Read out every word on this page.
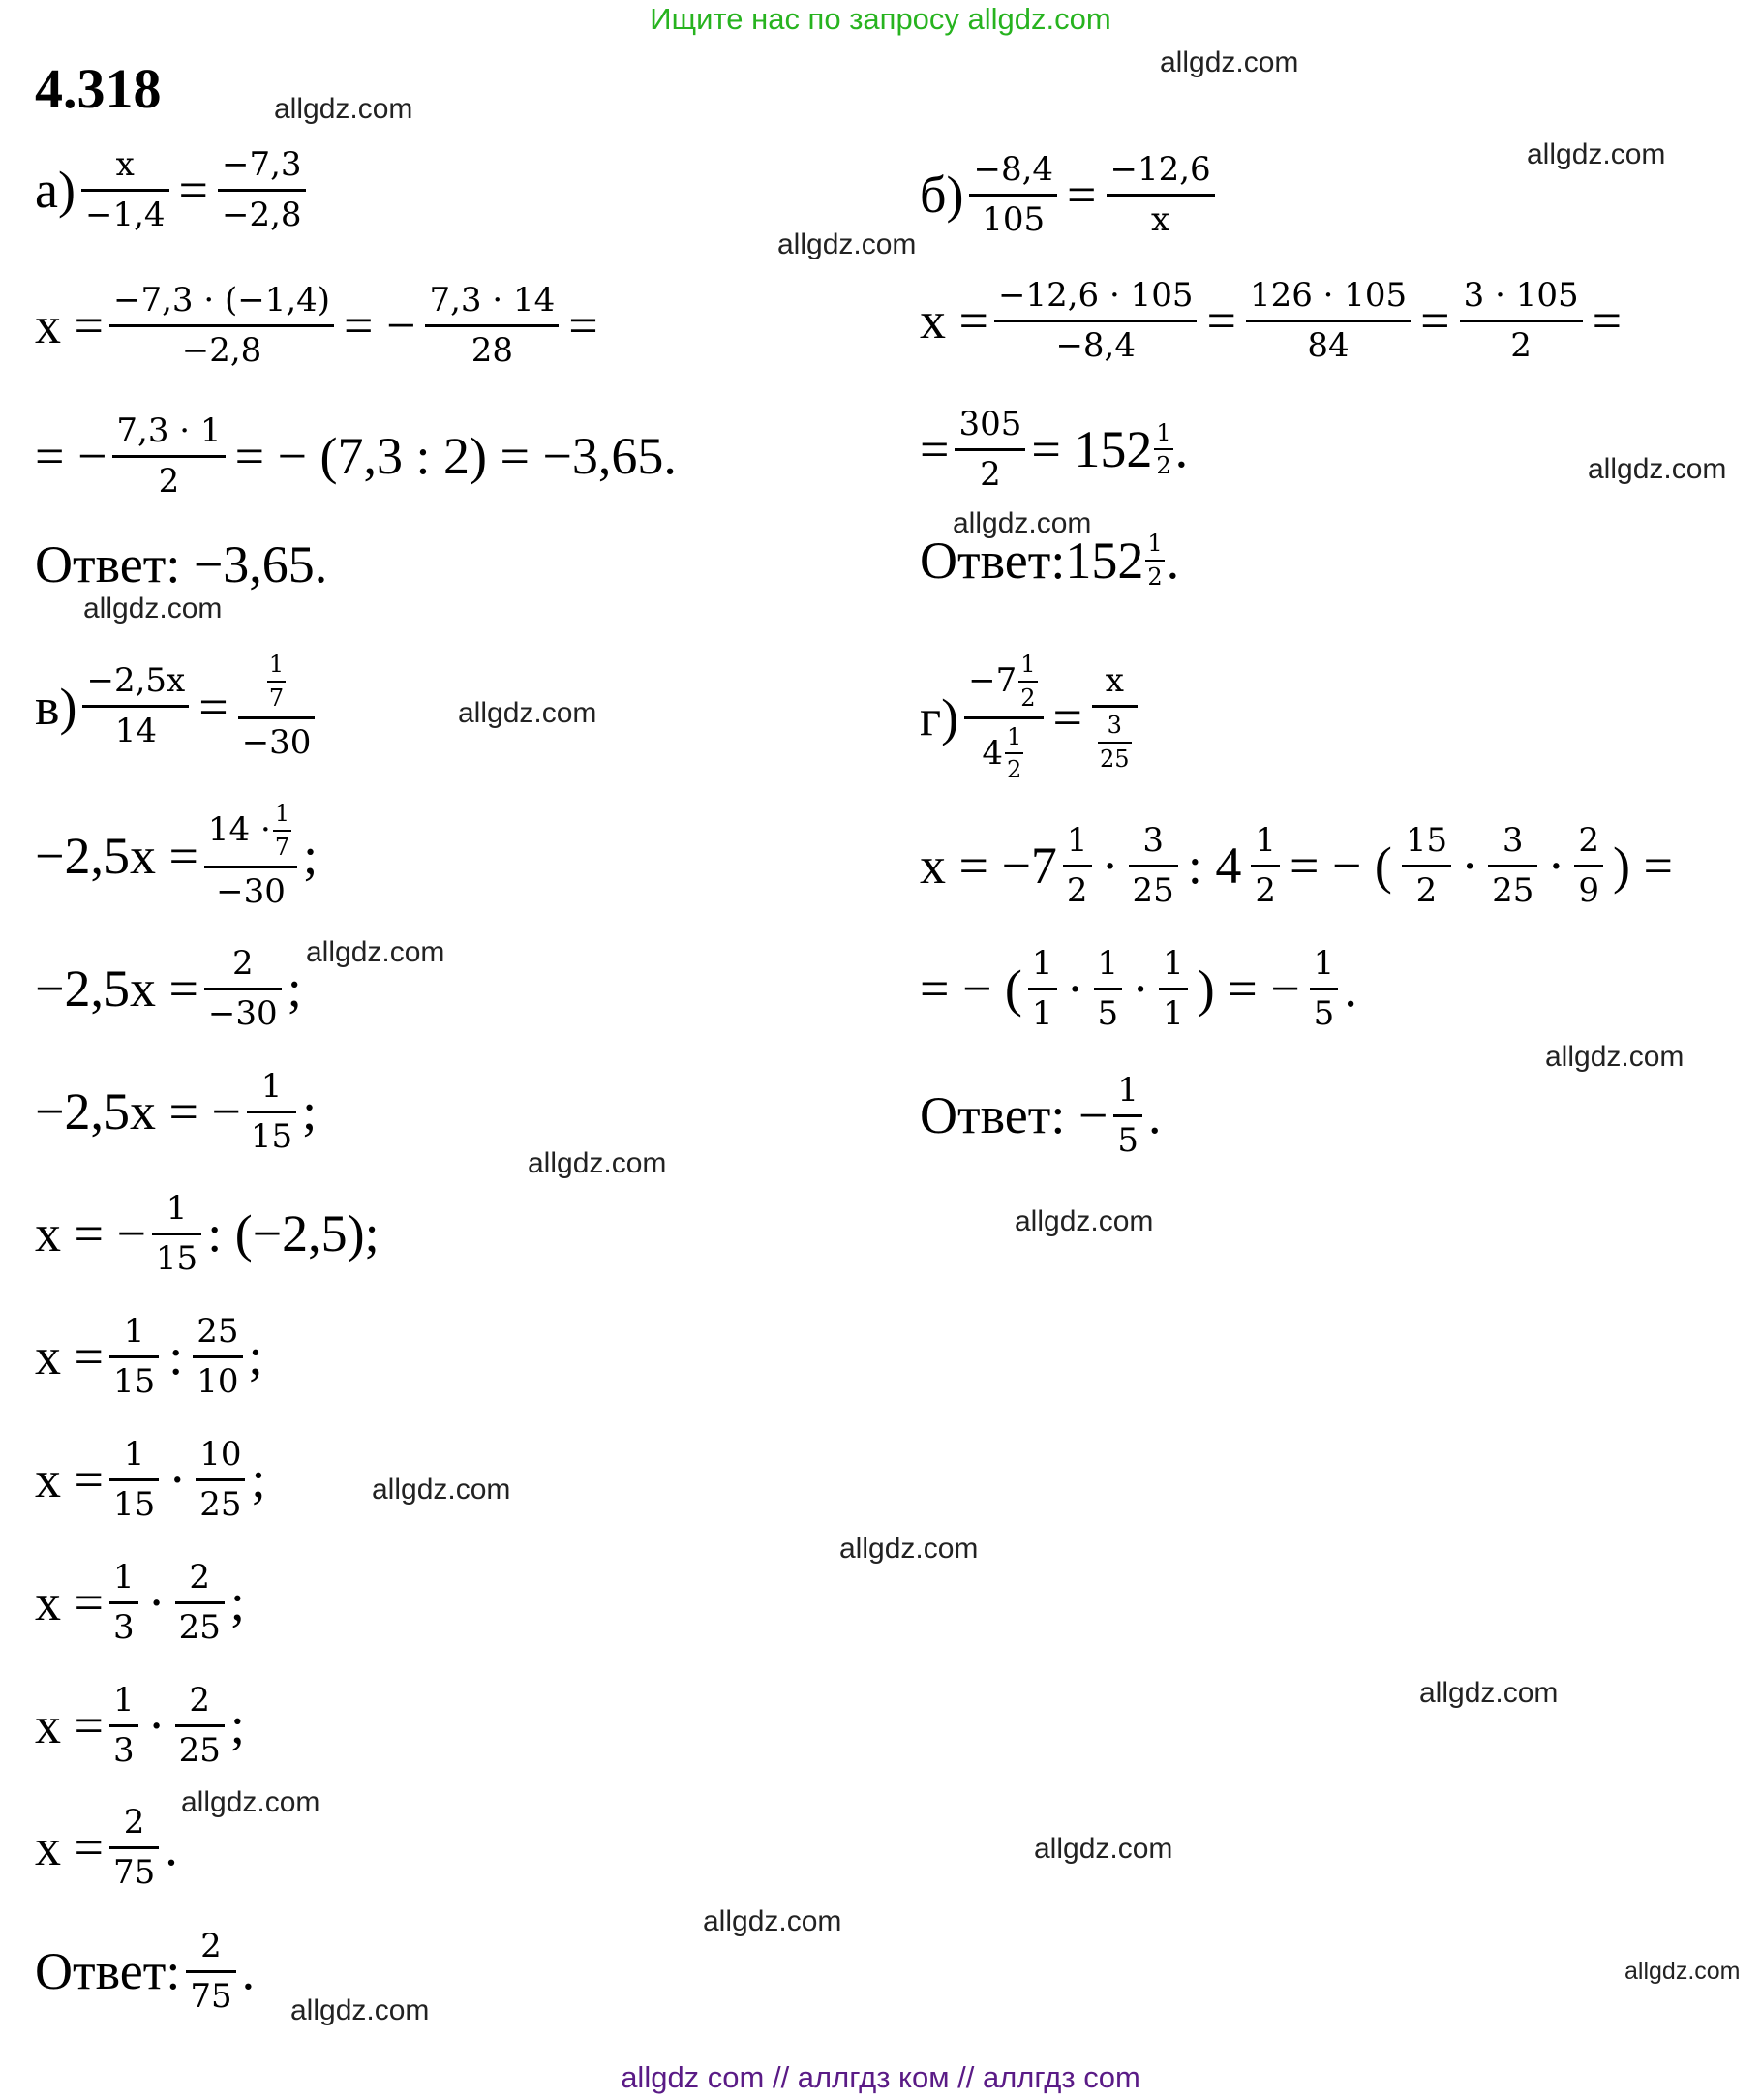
Ищите нас по запросу allgdz.com
allgdz com // аллгдз ком // аллгдз com
allgdz.com
allgdz.com
allgdz.com
allgdz.com
allgdz.com
allgdz.com
allgdz.com
allgdz.com
allgdz.com
allgdz.com
allgdz.com
allgdz.com
allgdz.com
allgdz.com
allgdz.com
allgdz.com
allgdz.com
allgdz.com
allgdz.com
allgdz.com
4.318
$а) \frac{x}{-1,4} = \frac{-7,3}{-2,8}$
$x = \frac{-7,3 \cdot (-1,4)}{-2,8}$ = − $\frac{7,3 \cdot 14}{28}$ =
= − $\frac{7,3 \cdot 1}{2}$ = − (7,3 : 2) = −3,65.
Ответ: −3,65.
$б) \frac{-8,4}{105} = \frac{-12,6}{x}$
$x = \frac{-12,6 \cdot 105}{-8,4} = \frac{126 \cdot 105}{84} = \frac{3 \cdot 105}{2}$ =
= $\frac{305}{2} = 152 \frac{1}{2}$ .
Ответ:152 $\frac{1}{2}$ .
$в) \frac{-2,5x}{14} = \frac{\frac{1}{7}}{-30}$
$-2,5x = \frac{14 \cdot \frac{1}{7}}{-30}$ ;
$-2,5x = \frac{2}{-30}$ ;
−2,5x = − $\frac{1}{15}$ ;
x = − $\frac{1}{15}$ : (−2,5);
$x = \frac{1}{15}$ : $\frac{25}{10}$ ;
$x = \frac{1}{15} \cdot \frac{10}{25}$ ;
$x = \frac{1}{3} \cdot \frac{2}{25}$ ;
$x = \frac{1}{3} \cdot \frac{2}{25}$ ;
$x = \frac{2}{75}$ .
Ответ: $\frac{2}{75}$ .
$г) \frac{-7 \frac{1}{2}}{4 \frac{1}{2}} = \frac{x}{\frac{3}{25}}$
$x = -7 \frac{1}{2} \cdot \frac{3}{25}$ : $4 \frac{1}{2}$ = − ( $\frac{15}{2} \cdot \frac{3}{25} \cdot \frac{2}{9}$ ) =
= − ( $\frac{1}{1} \cdot \frac{1}{5} \cdot \frac{1}{1}$ ) = − $\frac{1}{5}$ .
Ответ: − $\frac{1}{5}$ .
